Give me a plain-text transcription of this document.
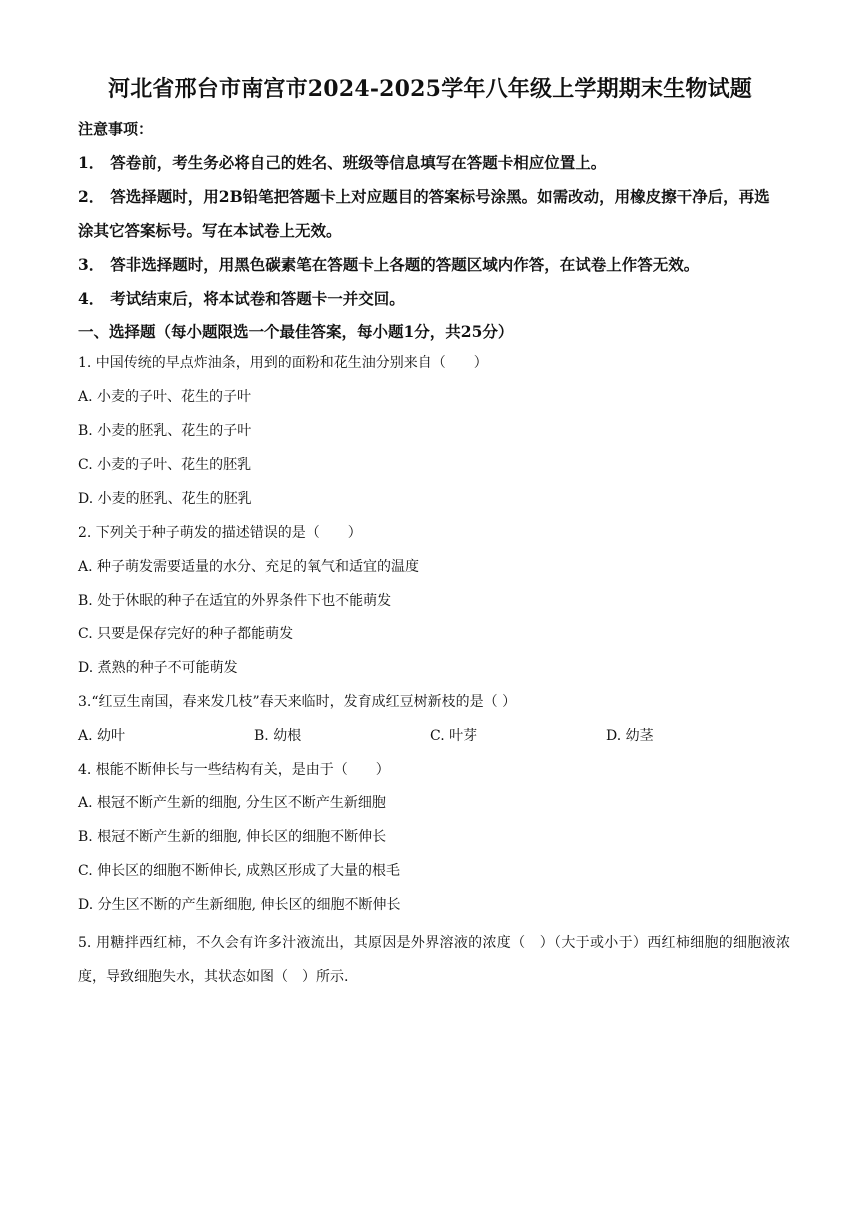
河北省邢台市南宫市2024-2025学年八年级上学期期末生物试题
注意事项：
1． 答卷前，考生务必将自己的姓名、班级等信息填写在答题卡相应位置上。
2． 答选择题时，用2B铅笔把答题卡上对应题目的答案标号涂黑。如需改动，用橡皮擦干净后，再选涂其它答案标号。写在本试卷上无效。
3． 答非选择题时，用黑色碳素笔在答题卡上各题的答题区域内作答，在试卷上作答无效。
4． 考试结束后，将本试卷和答题卡一并交回。
一、选择题（每小题限选一个最佳答案，每小题1分，共25分）
1. 中国传统的早点炸油条，用到的面粉和花生油分别来自（　　）
A. 小麦的子叶、花生的子叶
B. 小麦的胚乳、花生的子叶
C. 小麦的子叶、花生的胚乳
D. 小麦的胚乳、花生的胚乳
2. 下列关于种子萌发的描述错误的是（　　）
A. 种子萌发需要适量的水分、充足的氧气和适宜的温度
B. 处于休眠的种子在适宜的外界条件下也不能萌发
C. 只要是保存完好的种子都能萌发
D. 煮熟的种子不可能萌发
3.“红豆生南国，春来发几枝”春天来临时，发育成红豆树新枝的是（ ）
A. 幼叶	B. 幼根	C. 叶芽	D. 幼茎
4. 根能不断伸长与一些结构有关，是由于（　　）
A. 根冠不断产生新的细胞, 分生区不断产生新细胞
B. 根冠不断产生新的细胞, 伸长区的细胞不断伸长
C. 伸长区的细胞不断伸长, 成熟区形成了大量的根毛
D. 分生区不断的产生新细胞, 伸长区的细胞不断伸长
5. 用糖拌西红柿，不久会有许多汁液流出，其原因是外界溶液的浓度（　）（大于或小于）西红柿细胞的细胞液浓度，导致细胞失水，其状态如图（　）所示.
